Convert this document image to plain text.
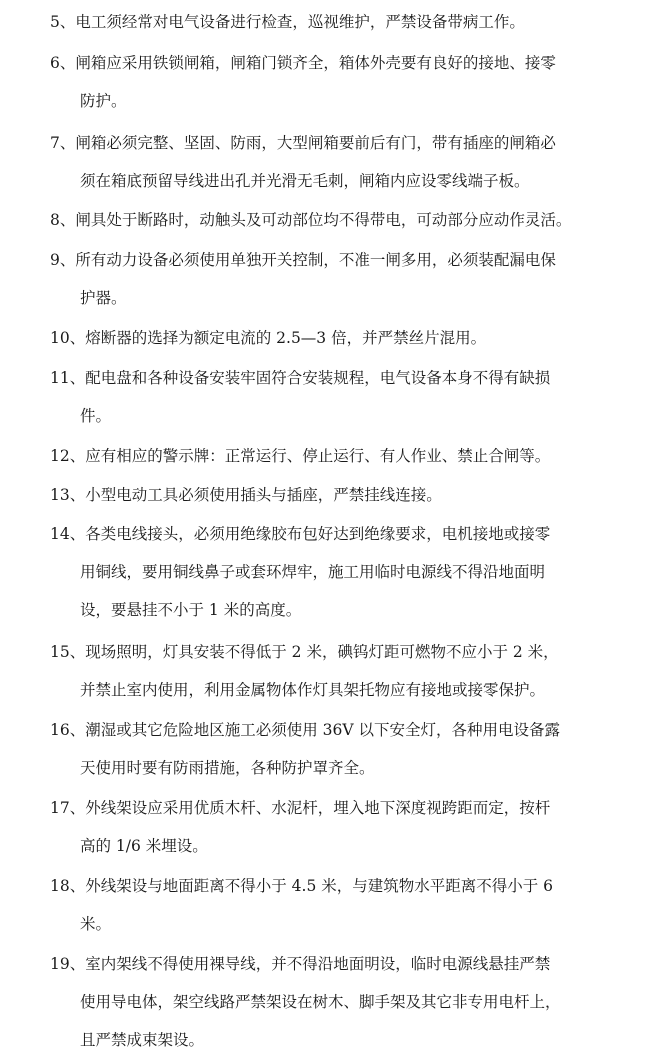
5、电工须经常对电气设备进行检查，巡视维护，严禁设备带病工作。
6、闸箱应采用铁锁闸箱，闸箱门锁齐全，箱体外壳要有良好的接地、接零
防护。
7、闸箱必须完整、坚固、防雨，大型闸箱要前后有门，带有插座的闸箱必
须在箱底预留导线进出孔并光滑无毛刺，闸箱内应设零线端子板。
8、闸具处于断路时，动触头及可动部位均不得带电，可动部分应动作灵活。
9、所有动力设备必须使用单独开关控制，不准一闸多用，必须装配漏电保
护器。
10、熔断器的选择为额定电流的 2.5—3 倍，并严禁丝片混用。
11、配电盘和各种设备安装牢固符合安装规程，电气设备本身不得有缺损
件。
12、应有相应的警示牌：正常运行、停止运行、有人作业、禁止合闸等。
13、小型电动工具必须使用插头与插座，严禁挂线连接。
14、各类电线接头，必须用绝缘胶布包好达到绝缘要求，电机接地或接零
用铜线，要用铜线鼻子或套环焊牢，施工用临时电源线不得沿地面明
设，要悬挂不小于 1 米的高度。
15、现场照明，灯具安装不得低于 2 米，碘钨灯距可燃物不应小于 2 米，
并禁止室内使用，利用金属物体作灯具架托物应有接地或接零保护。
16、潮湿或其它危险地区施工必须使用 36V 以下安全灯，各种用电设备露
天使用时要有防雨措施，各种防护罩齐全。
17、外线架设应采用优质木杆、水泥杆，埋入地下深度视跨距而定，按杆
高的 1/6 米埋设。
18、外线架设与地面距离不得小于 4.5 米，与建筑物水平距离不得小于 6
米。
19、室内架线不得使用裸导线，并不得沿地面明设，临时电源线悬挂严禁
使用导电体，架空线路严禁架设在树木、脚手架及其它非专用电杆上，
且严禁成束架设。
